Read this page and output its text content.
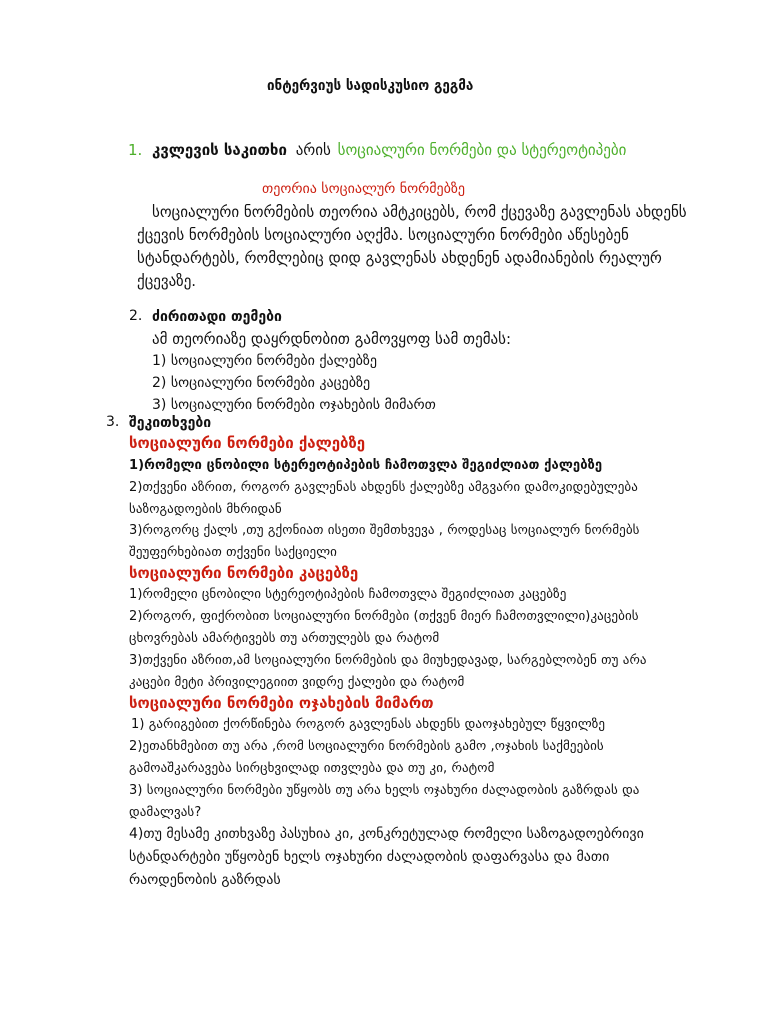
ინტერვიუს სადისკუსიო გეგმა
1. კვლევის საკითხი არის სოციალური ნორმები და სტერეოტიპები
თეორია სოციალურ ნორმებზე
სოციალური ნორმების თეორია ამტკიცებს, რომ ქცევაზე გავლენას ახდენს
ქცევის ნორმების სოციალური აღქმა. სოციალური ნორმები აწესებენ
სტანდარტებს, რომლებიც დიდ გავლენას ახდენენ ადამიანების რეალურ
ქცევაზე.
2. ძირითადი თემები
ამ თეორიაზე დაყრდნობით გამოვყოფ სამ თემას:
1) სოციალური ნორმები ქალებზე
2) სოციალური ნორმები კაცებზე
3) სოციალური ნორმები ოჯახების მიმართ
3. შეკითხვები
სოციალური ნორმები ქალებზე
1)რომელი ცნობილი სტერეოტიპების ჩამოთვლა შეგიძლიათ ქალებზე
2)თქვენი აზრით, როგორ გავლენას ახდენს ქალებზე ამგვარი დამოკიდებულება
საზოგადოების მხრიდან
3)როგორც ქალს ,თუ გქონიათ ისეთი შემთხვევა , როდესაც სოციალურ ნორმებს
შეუფერხებიათ თქვენი საქციელი
სოციალური ნორმები კაცებზე
1)რომელი ცნობილი სტერეოტიპების ჩამოთვლა შეგიძლიათ კაცებზე
2)როგორ, ფიქრობით სოციალური ნორმები (თქვენ მიერ ჩამოთვლილი)კაცების
ცხოვრებას ამარტივებს თუ ართულებს და რატომ
3)თქვენი აზრით,ამ სოციალური ნორმების და მიუხედავად, სარგებლობენ თუ არა
კაცები მეტი პრივილეგიით ვიდრე ქალები და რატომ
სოციალური ნორმები ოჯახების მიმართ
1) გარიგებით ქორწინება როგორ გავლენას ახდენს დაოჯახებულ წყვილზე
2)ეთანხმებით თუ არა ,რომ სოციალური ნორმების გამო ,ოჯახის საქმეების
გამოაშკარავება სირცხვილად ითვლება და თუ კი, რატომ
3) სოციალური ნორმები უწყობს თუ არა ხელს ოჯახური ძალადობის გაზრდას და
დამალვას?
4)თუ მესამე კითხვაზე პასუხია კი, კონკრეტულად რომელი საზოგადოებრივი
სტანდარტები უწყობენ ხელს ოჯახური ძალადობის დაფარვასა და მათი
რაოდენობის გაზრდას
